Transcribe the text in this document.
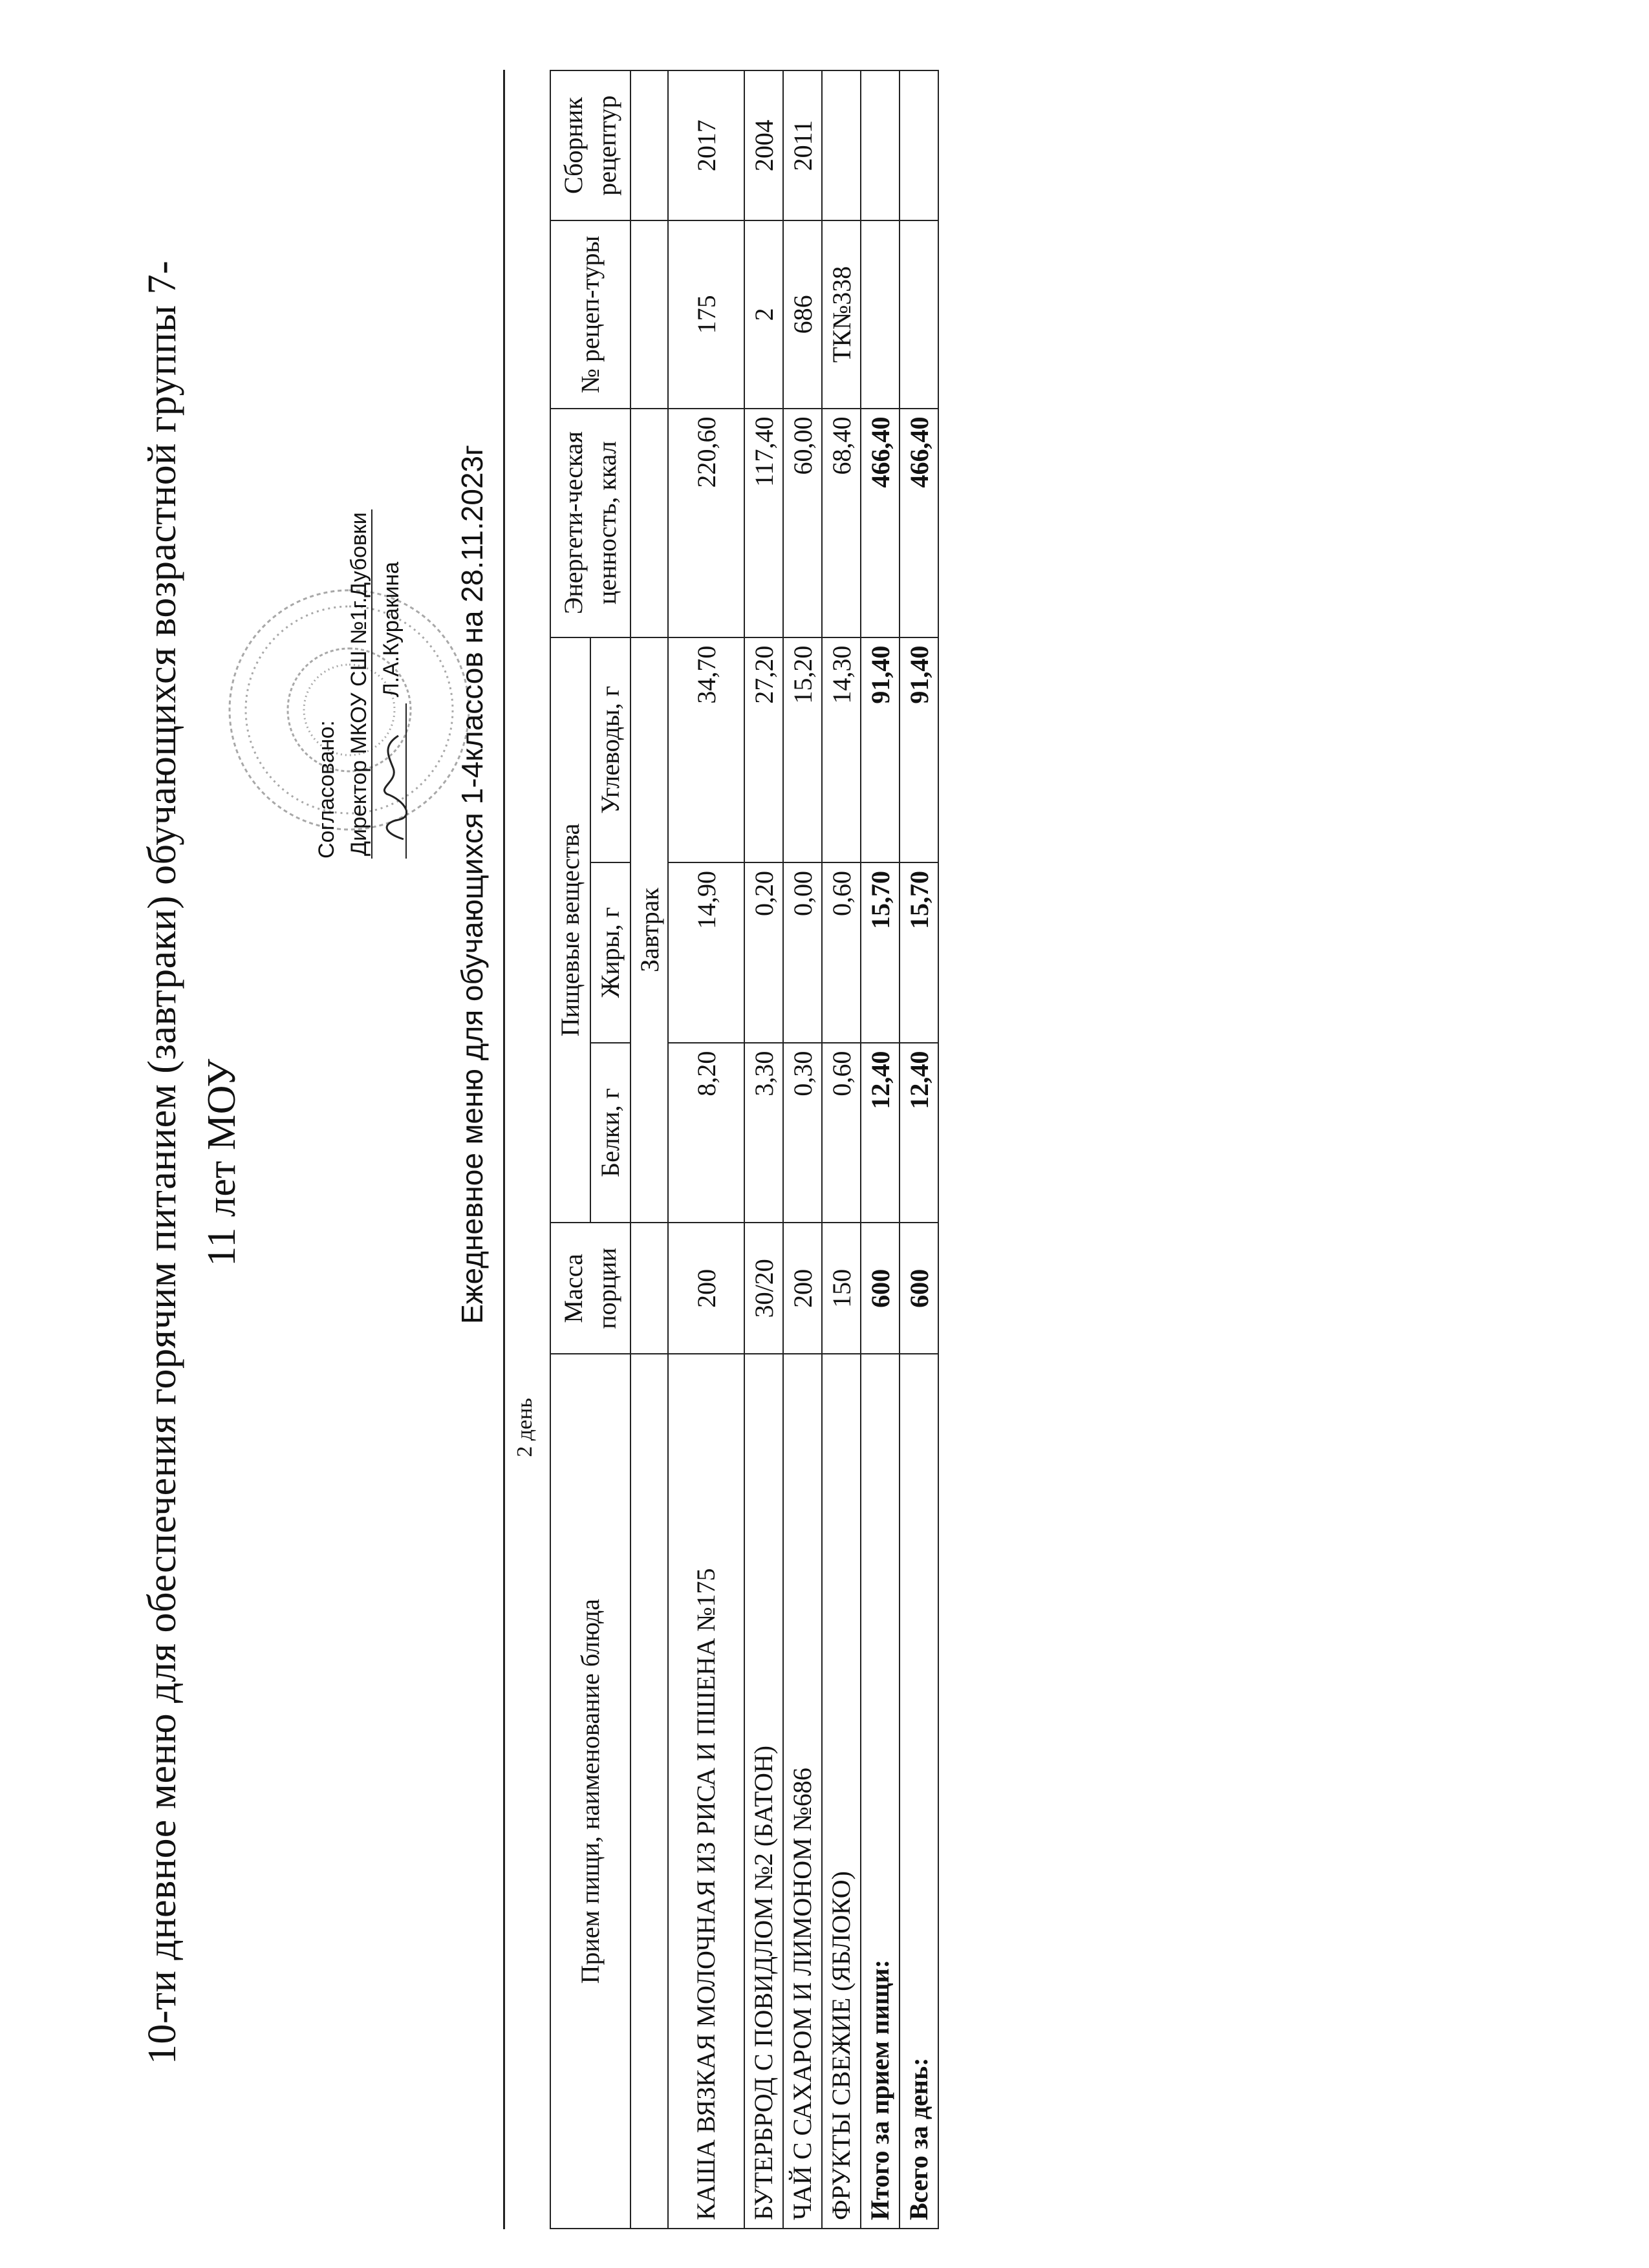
10-ти дневное меню для обеспечения горячим питанием (завтраки) обучающихся возрастной группы 7- 11 лет МОУ
Согласовано: Директор МКОУ СШ №1г.Дубовки Л.А.Куракина Ежедневное меню для обучающихся 1-4классов на 28.11.2023г
2 день
Прием пищи, наименование блюда	Масса порции	Пищевые вещества			Энергети-ческая ценность, ккал	№ рецеп-туры	Сборник рецептур
		Белки, г	Жиры, г	Углеводы, г			
		Завтрак					
КАША ВЯЗКАЯ МОЛОЧНАЯ ИЗ РИСА И ПШЕНА №175	200	8,20	14,90	34,70	220,60	175	2017
БУТЕРБРОД С ПОВИДЛОМ №2 (БАТОН)	30/20	3,30	0,20	27,20	117,40	2	2004
ЧАЙ С САХАРОМ И ЛИМОНОМ №686	200	0,30	0,00	15,20	60,00	686	2011
ФРУКТЫ СВЕЖИЕ (ЯБЛОКО)	150	0,60	0,60	14,30	68,40	ТК№338	
Итого за прием пищи:	600	12,40	15,70	91,40	466,40		
Всего за день:	600	12,40	15,70	91,40	466,40		
